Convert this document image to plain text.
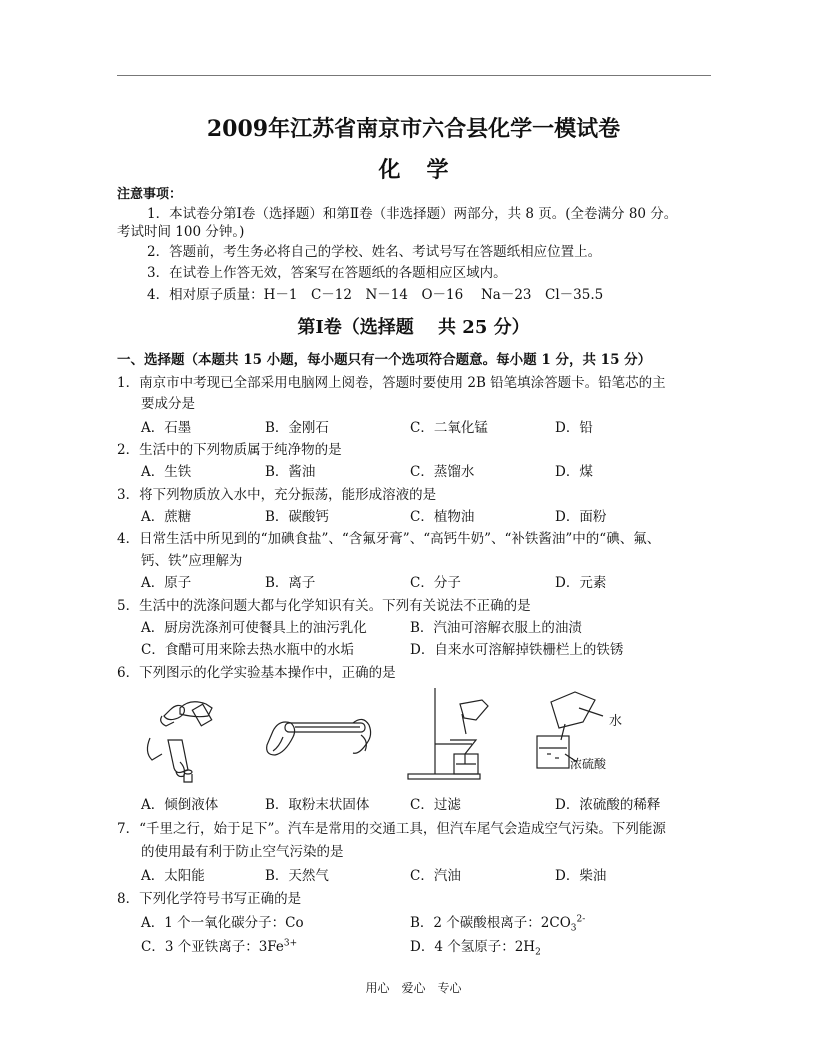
2009年江苏省南京市六合县化学一模试卷
化学
注意事项：
1．本试卷分第Ⅰ卷（选择题）和第Ⅱ卷（非选择题）两部分，共 8 页。(全卷满分 80 分。
考试时间 100 分钟。)
2．答题前，考生务必将自己的学校、姓名、考试号写在答题纸相应位置上。
3．在试卷上作答无效，答案写在答题纸的各题相应区域内。
4．相对原子质量：H－1　C－12　N－14　O－16　 Na－23　Cl－35.5
第Ⅰ卷（选择题　 共 25 分）
一、选择题（本题共 15 小题，每小题只有一个选项符合题意。每小题 1 分，共 15 分）
1．南京市中考现已全部采用电脑网上阅卷，答题时要使用 2B 铅笔填涂答题卡。铅笔芯的主
要成分是
A．石墨	B．金刚石	C．二氧化锰	D．铅
2．生活中的下列物质属于纯净物的是
A．生铁	B．酱油	C．蒸馏水	D．煤
3．将下列物质放入水中，充分振荡，能形成溶液的是
A．蔗糖	B．碳酸钙	C．植物油	D．面粉
4．日常生活中所见到的“加碘食盐”、“含氟牙膏”、“高钙牛奶”、“补铁酱油”中的“碘、氟、
钙、铁”应理解为
A．原子	B．离子	C．分子	D．元素
5．生活中的洗涤问题大都与化学知识有关。下列有关说法不正确的是
A．厨房洗涤剂可使餐具上的油污乳化	B．汽油可溶解衣服上的油渍
C．食醋可用来除去热水瓶中的水垢	D．自来水可溶解掉铁栅栏上的铁锈
6．下列图示的化学实验基本操作中，正确的是
水
浓硫酸
A．倾倒液体	B．取粉末状固体	C．过滤	D．浓硫酸的稀释
7．“千里之行，始于足下”。汽车是常用的交通工具，但汽车尾气会造成空气污染。下列能源
的使用最有利于防止空气污染的是
A．太阳能	B．天然气	C．汽油	D．柴油
8．下列化学符号书写正确的是
A．1 个一氧化碳分子：Co	B．2 个碳酸根离子：$2CO_3^{2-}$
C．3 个亚铁离子：$3Fe^{3+}$	D．4 个氢原子：$2H_2$
用心　爱心　专心
